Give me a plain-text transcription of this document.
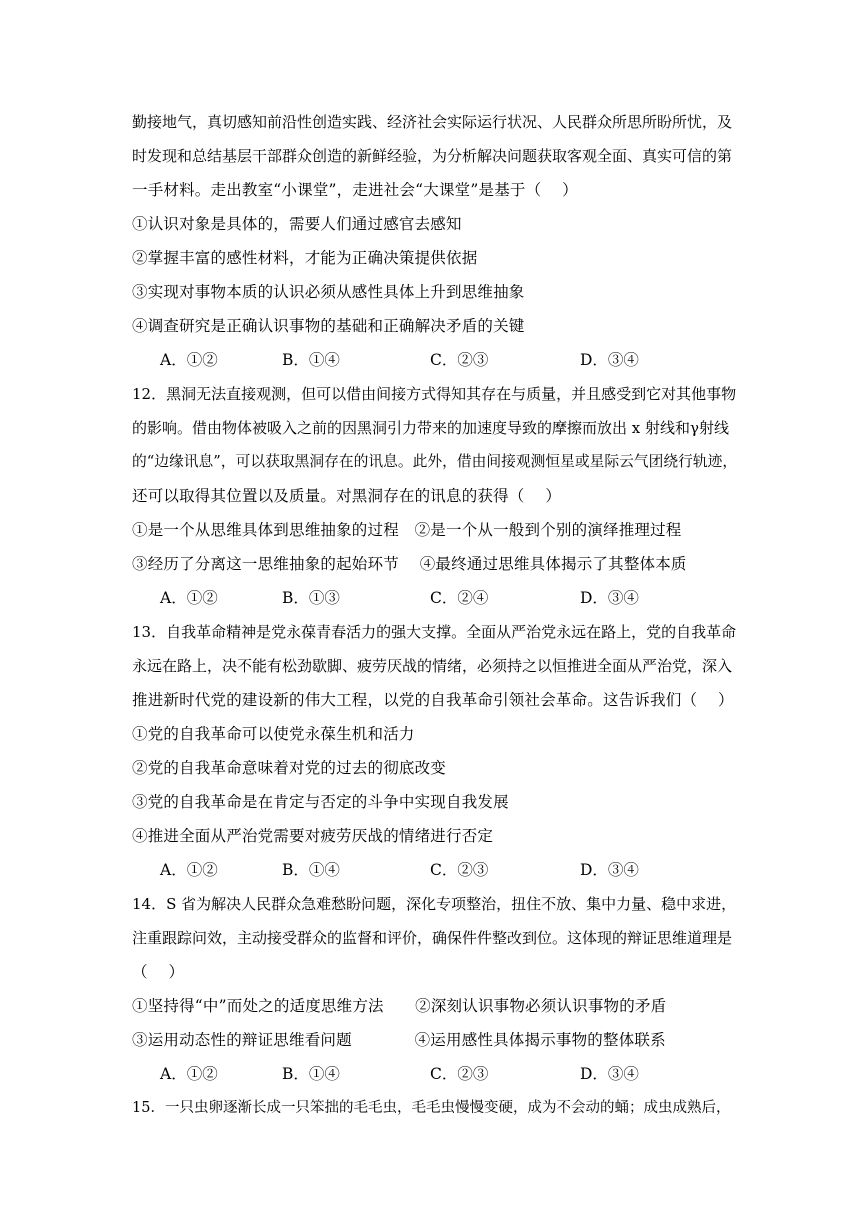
勤接地气，真切感知前沿性创造实践、经济社会实际运行状况、人民群众所思所盼所忧，及
时发现和总结基层干部群众创造的新鲜经验，为分析解决问题获取客观全面、真实可信的第
一手材料。走出教室“小课堂”，走进社会“大课堂”是基于（　 ）
①认识对象是具体的，需要人们通过感官去感知
②掌握丰富的感性材料，才能为正确决策提供依据
③实现对事物本质的认识必须从感性具体上升到思维抽象
④调查研究是正确认识事物的基础和正确解决矛盾的关键
A．①②	B．①④	C．②③	D．③④
12．黑洞无法直接观测，但可以借由间接方式得知其存在与质量，并且感受到它对其他事物
的影响。借由物体被吸入之前的因黑洞引力带来的加速度导致的摩擦而放出 x 射线和γ射线
的“边缘讯息”，可以获取黑洞存在的讯息。此外，借由间接观测恒星或星际云气团绕行轨迹，
还可以取得其位置以及质量。对黑洞存在的讯息的获得（　 ）
①是一个从思维具体到思维抽象的过程　②是一个从一般到个别的演绎推理过程
③经历了分离这一思维抽象的起始环节　 ④最终通过思维具体揭示了其整体本质
A．①②	B．①③	C．②④	D．③④
13．自我革命精神是党永葆青春活力的强大支撑。全面从严治党永远在路上，党的自我革命
永远在路上，决不能有松劲歇脚、疲劳厌战的情绪，必须持之以恒推进全面从严治党，深入
推进新时代党的建设新的伟大工程，以党的自我革命引领社会革命。这告诉我们（　 ）
①党的自我革命可以使党永葆生机和活力
②党的自我革命意味着对党的过去的彻底改变
③党的自我革命是在肯定与否定的斗争中实现自我发展
④推进全面从严治党需要对疲劳厌战的情绪进行否定
A．①②	B．①④	C．②③	D．③④
14．S 省为解决人民群众急难愁盼问题，深化专项整治，扭住不放、集中力量、稳中求进，
注重跟踪问效，主动接受群众的监督和评价，确保件件整改到位。这体现的辩证思维道理是
（　 ）
①坚持得“中”而处之的适度思维方法　　②深刻认识事物必须认识事物的矛盾
③运用动态性的辩证思维看问题　　　　④运用感性具体揭示事物的整体联系
A．①②	B．①④	C．②③	D．③④
15．一只虫卵逐渐长成一只笨拙的毛毛虫，毛毛虫慢慢变硬，成为不会动的蛹；成虫成熟后，
